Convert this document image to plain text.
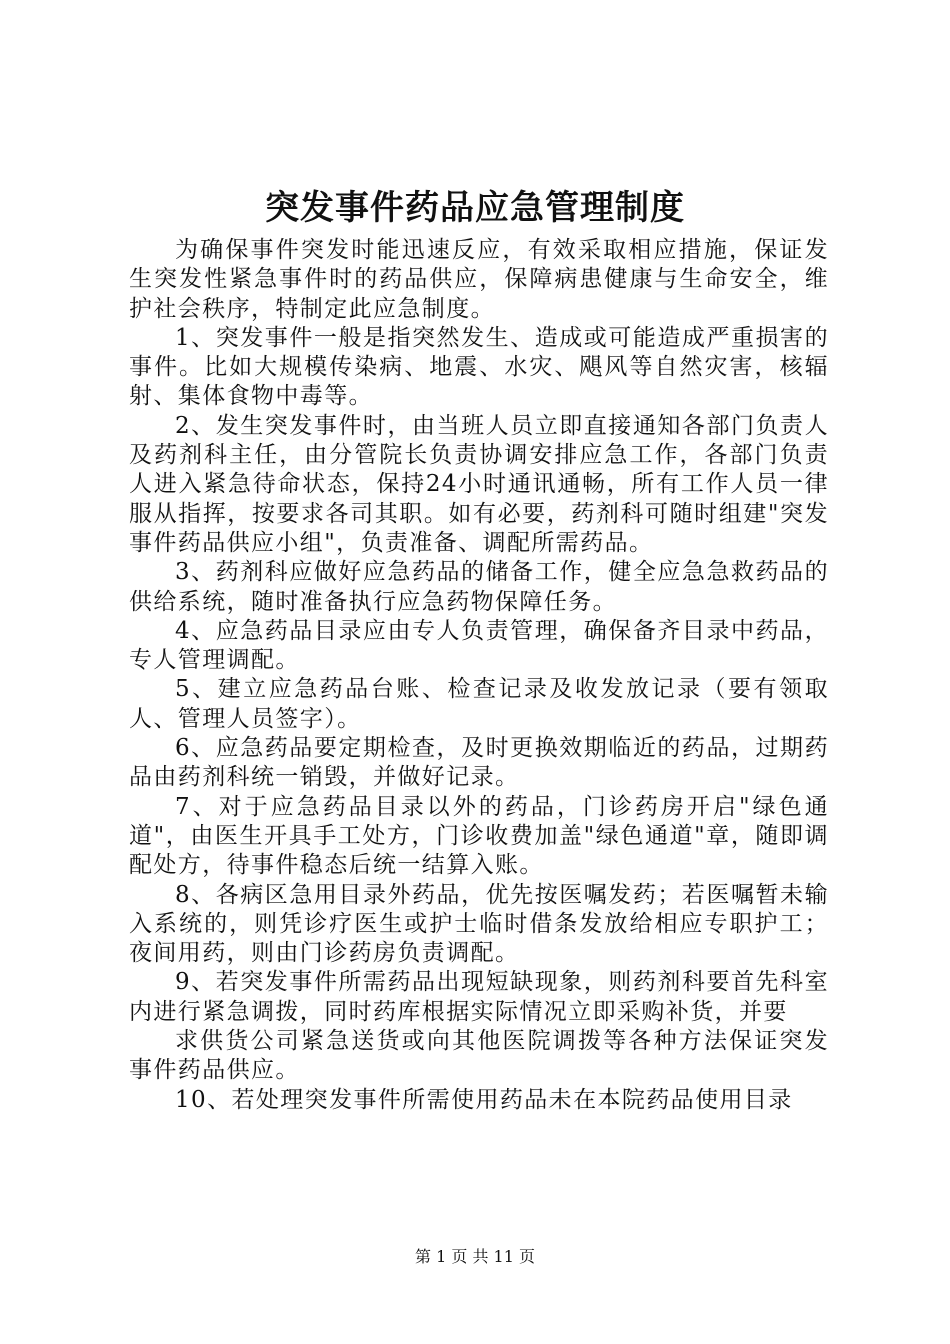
突发事件药品应急管理制度

为确保事件突发时能迅速反应，有效采取相应措施，保证发生突发性紧急事件时的药品供应，保障病患健康与生命安全，维护社会秩序，特制定此应急制度。

1、突发事件一般是指突然发生、造成或可能造成严重损害的事件。比如大规模传染病、地震、水灾、飓风等自然灾害，核辐射、集体食物中毒等。

2、发生突发事件时，由当班人员立即直接通知各部门负责人及药剂科主任，由分管院长负责协调安排应急工作，各部门负责人进入紧急待命状态，保持24小时通讯通畅，所有工作人员一律服从指挥，按要求各司其职。如有必要，药剂科可随时组建"突发事件药品供应小组"，负责准备、调配所需药品。

3、药剂科应做好应急药品的储备工作，健全应急急救药品的供给系统，随时准备执行应急药物保障任务。

4、应急药品目录应由专人负责管理，确保备齐目录中药品，专人管理调配。

5、建立应急药品台账、检查记录及收发放记录（要有领取人、管理人员签字）。

6、应急药品要定期检查，及时更换效期临近的药品，过期药品由药剂科统一销毁，并做好记录。

7、对于应急药品目录以外的药品，门诊药房开启"绿色通道"，由医生开具手工处方，门诊收费加盖"绿色通道"章，随即调配处方，待事件稳态后统一结算入账。

8、各病区急用目录外药品，优先按医嘱发药；若医嘱暂未输入系统的，则凭诊疗医生或护士临时借条发放给相应专职护工；夜间用药，则由门诊药房负责调配。

9、若突发事件所需药品出现短缺现象，则药剂科要首先科室内进行紧急调拨，同时药库根据实际情况立即采购补货，并要

求供货公司紧急送货或向其他医院调拨等各种方法保证突发事件药品供应。

10、若处理突发事件所需使用药品未在本院药品使用目录

第 1 页 共 11 页
